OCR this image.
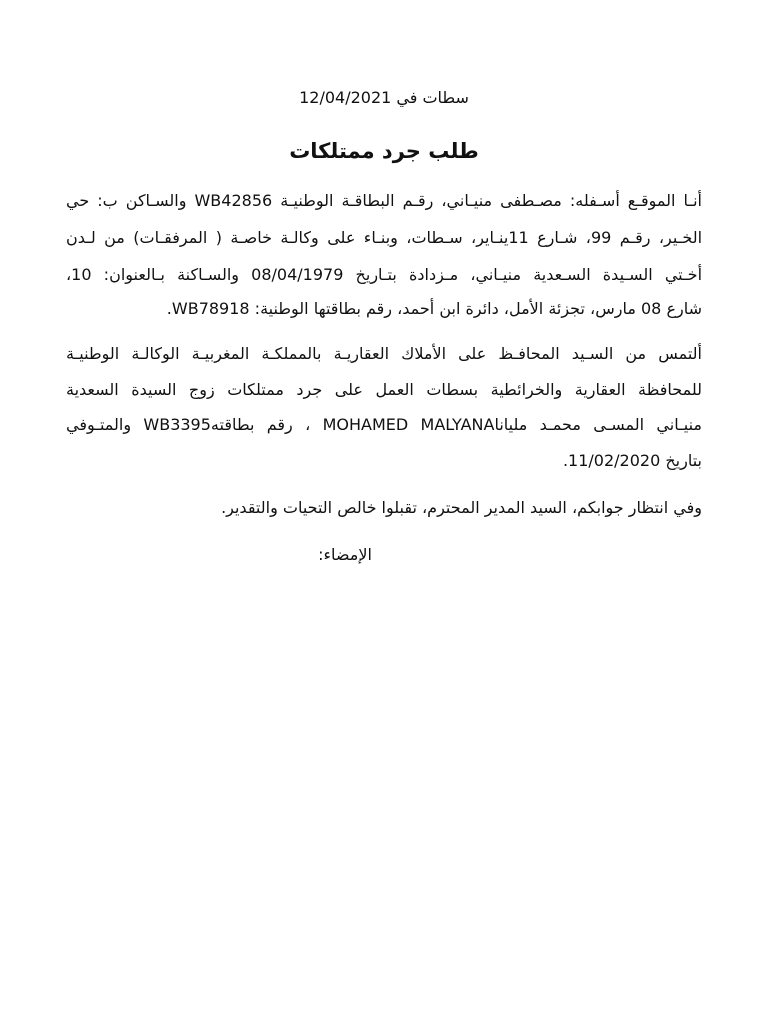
سطات في 12/04/2021
طلب جرد ممتلكات
أنـا الموقـع أسـفله: مصـطفى منيـاني، رقـم البطاقـة الوطنيـة WB42856 والسـاكن ب: حي
الخـير، رقـم 99، شـارع 11ينـاير، سـطات، وبنـاء على وكالـة خاصـة ( المرفقـات) من لـدن
أخـتي السـيدة السـعدية منيـاني، مـزدادة بتـاريخ 08/04/1979 والسـاكنة بـالعنوان: 10،
شارع 08 مارس، تجزئة الأمل، دائرة ابن أحمد، رقم بطاقتها الوطنية: WB78918.
ألتمس من السـيد المحافـظ على الأملاك العقاريـة بالمملكـة المغربيـة الوكالـة الوطنيـة
للمحافظة العقارية والخرائطية بسطات العمل على جرد ممتلكات زوج السيدة السعدية
منيـاني المسـى محمـد ملياناMOHAMED MALYANA ، رقم بطاقتهWB3395 والمتـوفي
بتاريخ 11/02/2020.
وفي انتظار جوابكم، السيد المدير المحترم، تقبلوا خالص التحيات والتقدير.
الإمضاء:
